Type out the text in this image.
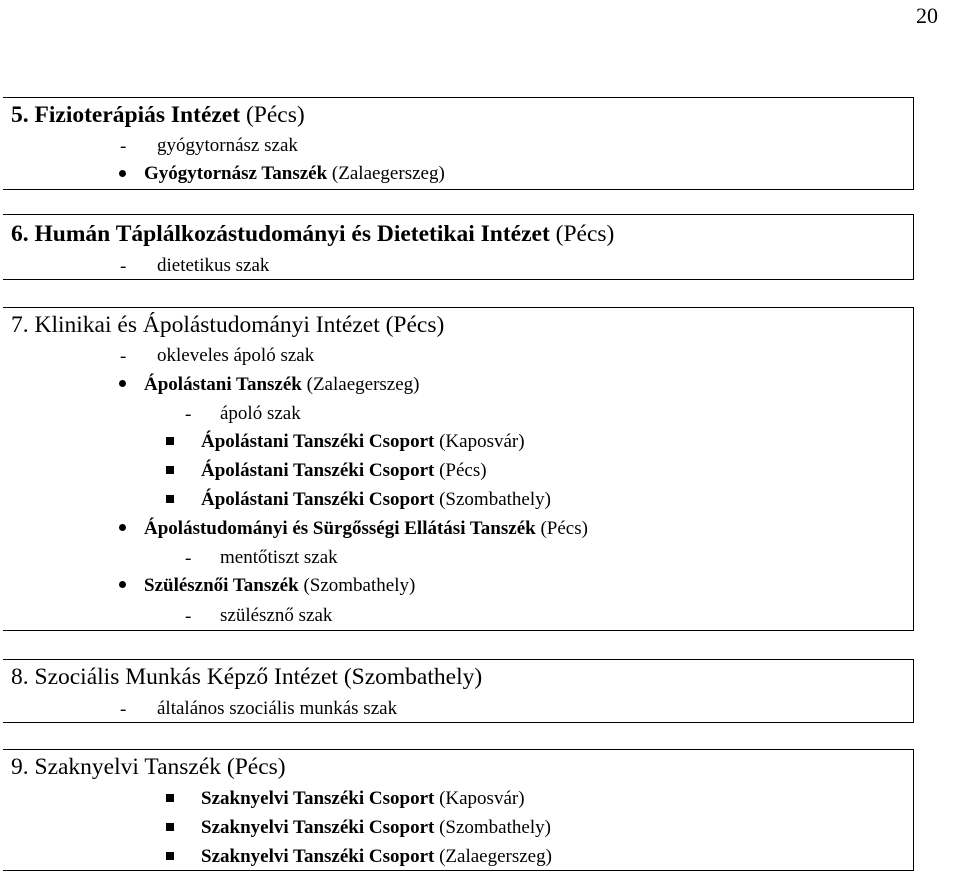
20
5. Fizioterápiás Intézet (Pécs)
- gyógytornász szak
Gyógytornász Tanszék (Zalaegerszeg)
6. Humán Táplálkozástudományi és Dietetikai Intézet (Pécs)
- dietetikus szak
7. Klinikai és Ápolástudományi Intézet (Pécs)
- okleveles ápoló szak
Ápolástani Tanszék (Zalaegerszeg)
- ápoló szak
Ápolástani Tanszéki Csoport (Kaposvár)
Ápolástani Tanszéki Csoport (Pécs)
Ápolástani Tanszéki Csoport (Szombathely)
Ápolástudományi és Sürgősségi Ellátási Tanszék (Pécs)
- mentőtiszt szak
Szülésznői Tanszék (Szombathely)
- szülésznő szak
8. Szociális Munkás Képző Intézet (Szombathely)
- általános szociális munkás szak
9. Szaknyelvi Tanszék (Pécs)
Szaknyelvi Tanszéki Csoport (Kaposvár)
Szaknyelvi Tanszéki Csoport (Szombathely)
Szaknyelvi Tanszéki Csoport (Zalaegerszeg)
